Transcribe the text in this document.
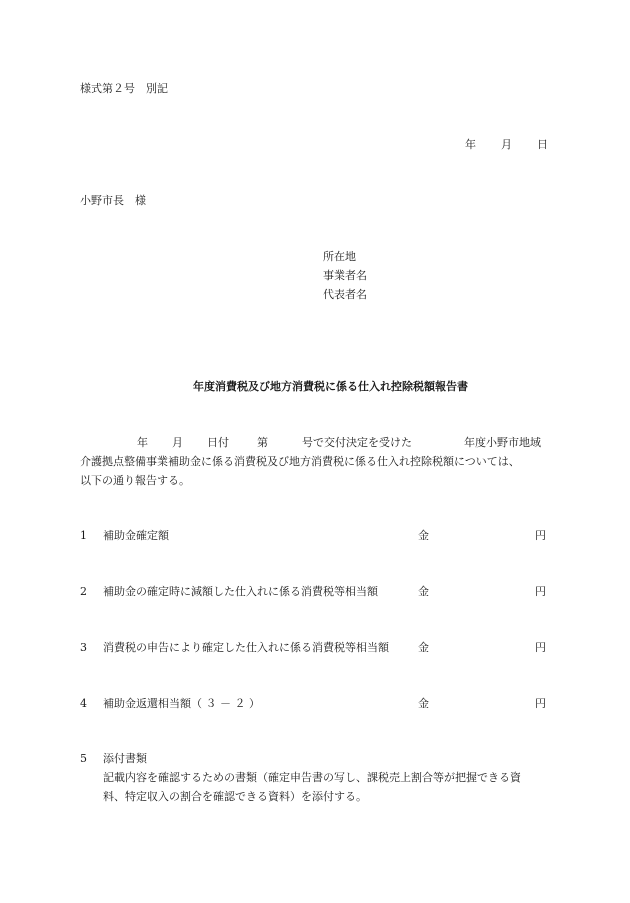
様式第２号　別記
年 月 日
小野市長　様
所在地
事業者名
代表者名
年度消費税及び地方消費税に係る仕入れ控除税額報告書
年 月 日付	第	号で交付決定を受けた	年度小野市地域
介護拠点整備事業補助金に係る消費税及び地方消費税に係る仕入れ控除税額については、
以下の通り報告する。
1 補助金確定額	金	円
2 補助金の確定時に減額した仕入れに係る消費税等相当額	金	円
3 消費税の申告により確定した仕入れに係る消費税等相当額	金	円
4 補助金返還相当額（ ３ － ２ ）	金	円
5 添付書類
記載内容を確認するための書類（確定申告書の写し、課税売上割合等が把握できる資
料、特定収入の割合を確認できる資料）を添付する。
